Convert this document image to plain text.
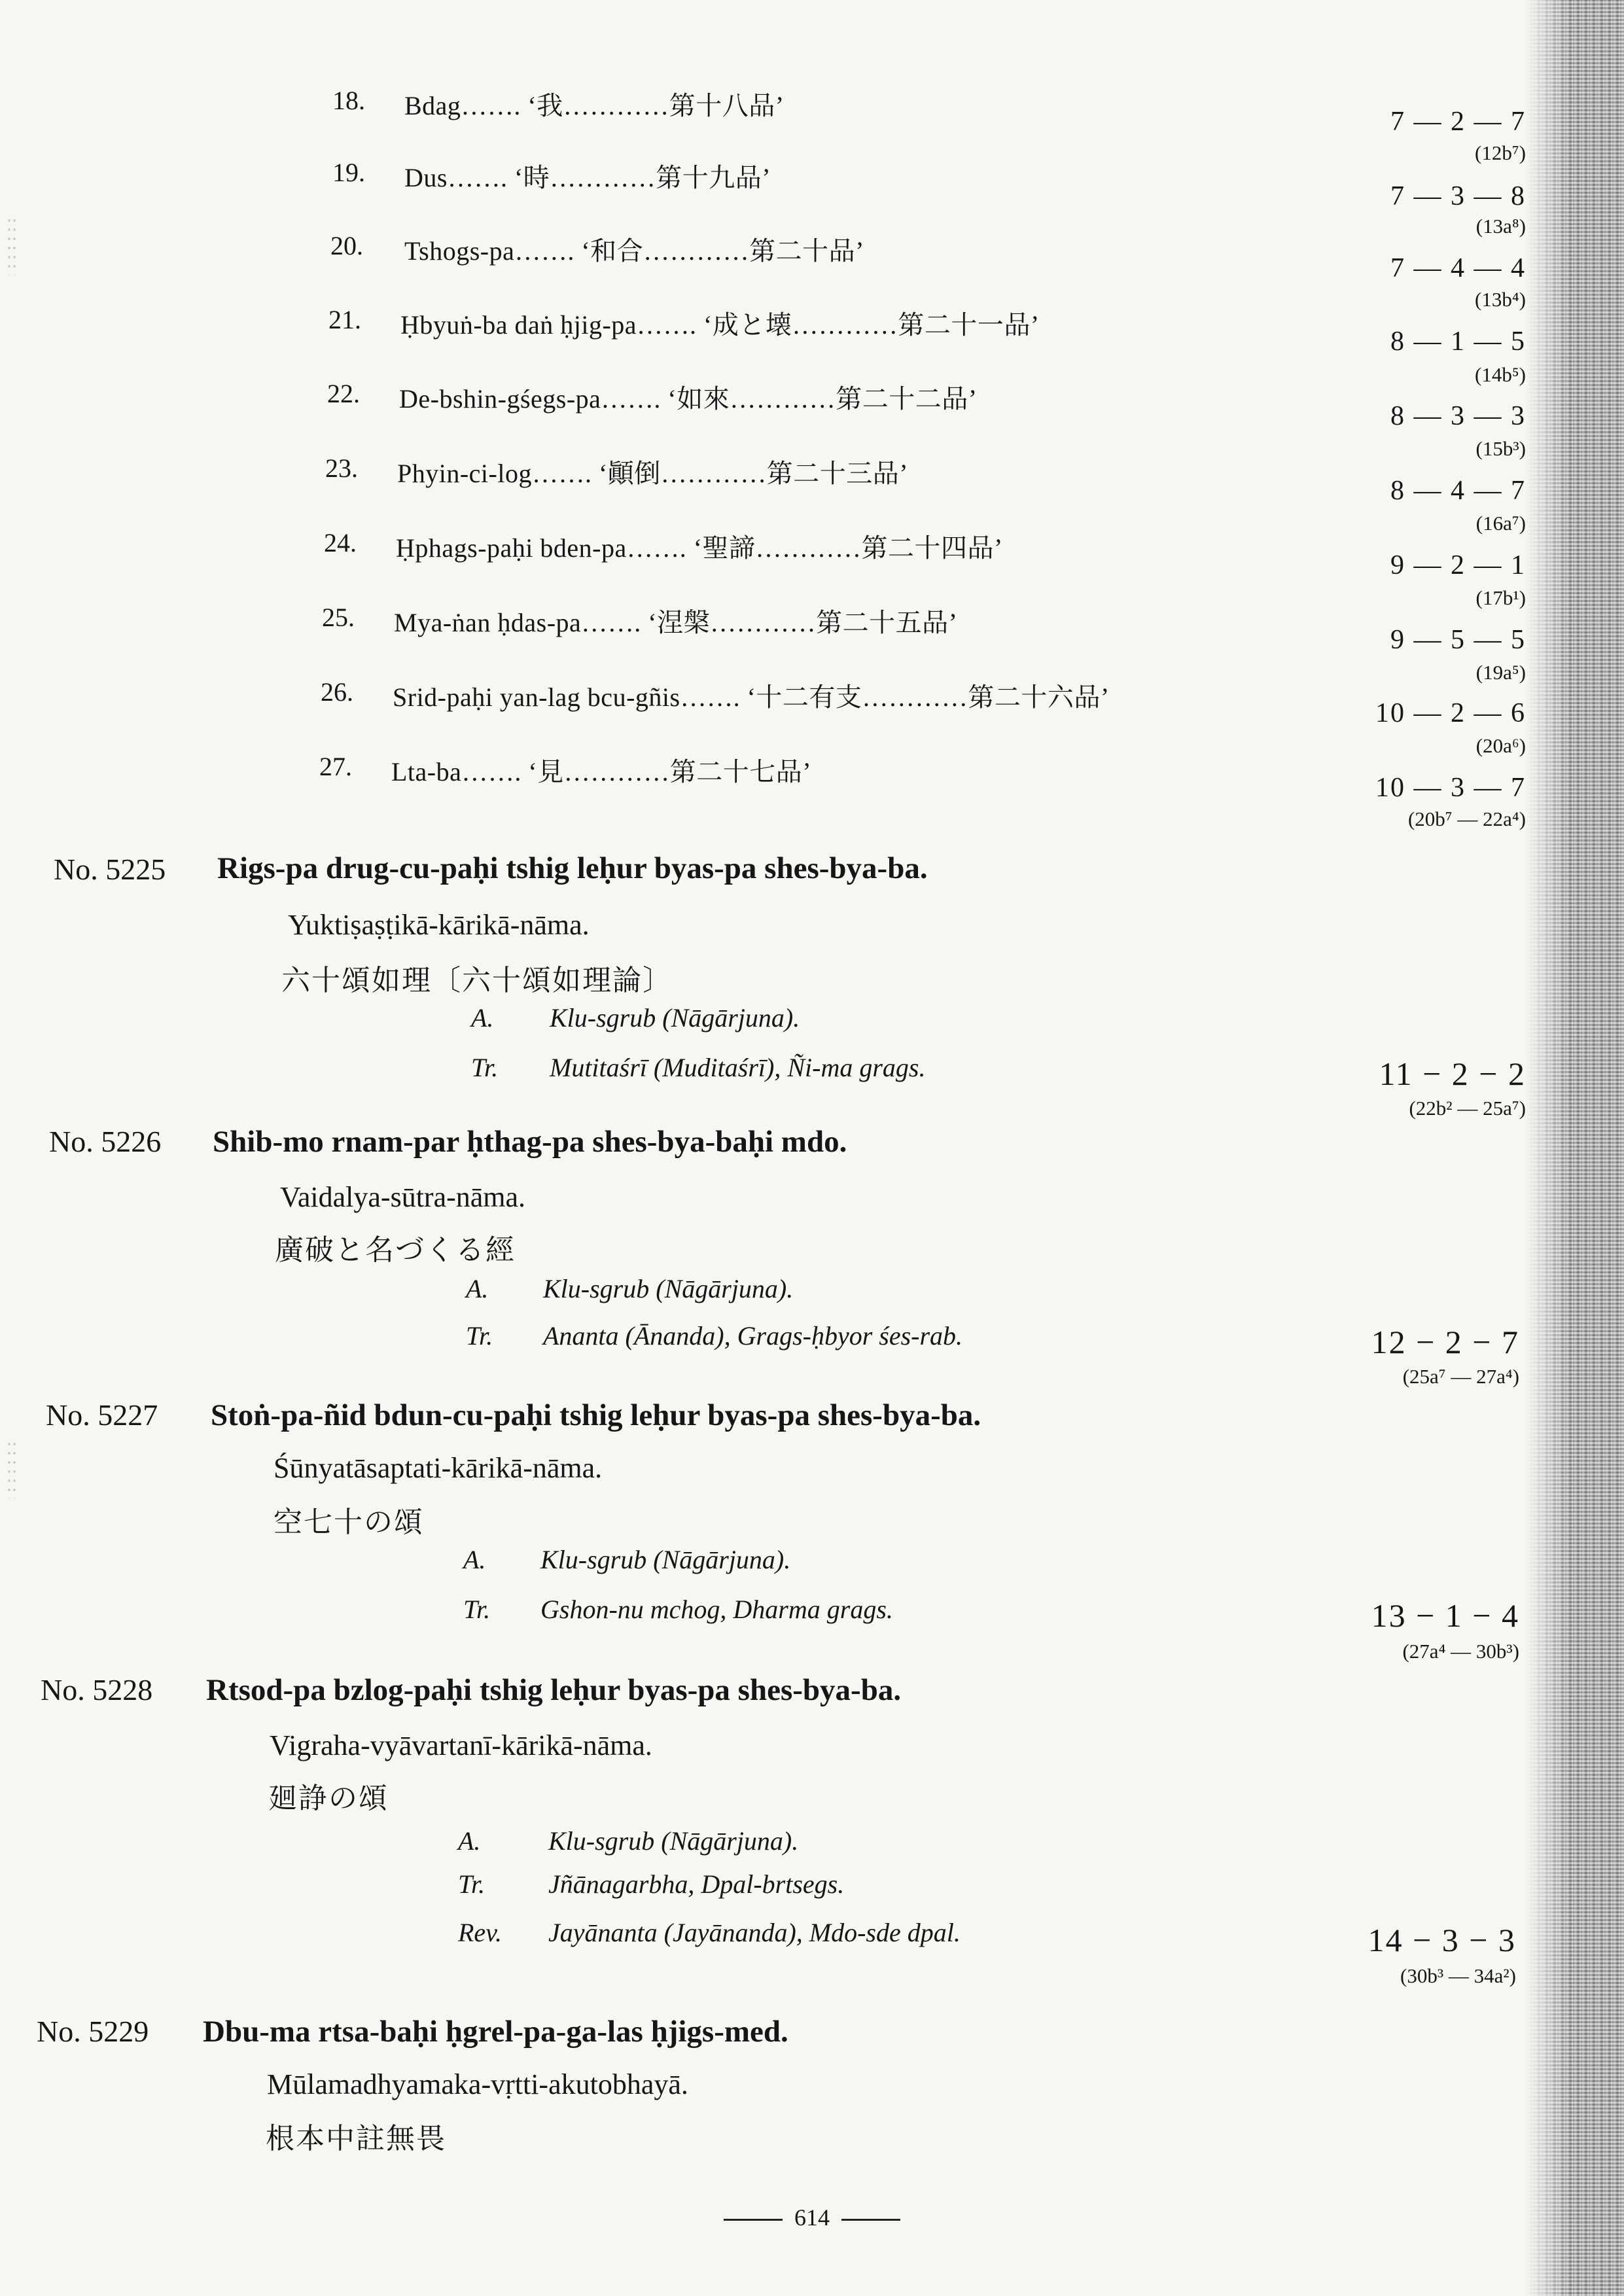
18. Bdag……. ‘我…………第十八品’
7 — 2 — 7
(12b⁷)
19. Dus……. ‘時…………第十九品’
7 — 3 — 8
(13a⁸)
20. Tshogs-pa……. ‘和合…………第二十品’
7 — 4 — 4
(13b⁴)
21. Ḥbyuṅ-ba daṅ ḥjig-pa……. ‘成と壊…………第二十一品’
8 — 1 — 5
(14b⁵)
22. De-bshin-gśegs-pa……. ‘如來…………第二十二品’
8 — 3 — 3
(15b³)
23. Phyin-ci-log……. ‘顚倒…………第二十三品’
8 — 4 — 7
(16a⁷)
24. Ḥphags-paḥi bden-pa……. ‘聖諦…………第二十四品’
9 — 2 — 1
(17b¹)
25. Mya-ṅan ḥdas-pa……. ‘涅槃…………第二十五品’
9 — 5 — 5
(19a⁵)
26. Srid-paḥi yan-lag bcu-gñis……. ‘十二有支…………第二十六品’
10 — 2 — 6
(20a⁶)
27. Lta-ba……. ‘見…………第二十七品’
10 — 3 — 7
(20b⁷ — 22a⁴)
No. 5225 Rigs-pa drug-cu-paḥi tshig leḥur byas-pa shes-bya-ba.
Yuktiṣaṣṭikā-kārikā-nāma.
六十頌如理〔六十頌如理論〕
A. Klu-sgrub (Nāgārjuna).
Tr. Mutitaśrī (Muditaśrī), Ñi-ma grags.	11 − 2 − 2
(22b² — 25a⁷)
No. 5226 Shib-mo rnam-par ḥthag-pa shes-bya-baḥi mdo.
Vaidalya-sūtra-nāma.
廣破と名づくる經
A. Klu-sgrub (Nāgārjuna).
Tr. Ananta (Ānanda), Grags-ḥbyor śes-rab.	12 − 2 − 7
(25a⁷ — 27a⁴)
No. 5227 Stoṅ-pa-ñid bdun-cu-paḥi tshig leḥur byas-pa shes-bya-ba.
Śūnyatāsaptati-kārikā-nāma.
空七十の頌
A. Klu-sgrub (Nāgārjuna).
Tr. Gshon-nu mchog, Dharma grags.	13 − 1 − 4
(27a⁴ — 30b³)
No. 5228 Rtsod-pa bzlog-paḥi tshig leḥur byas-pa shes-bya-ba.
Vigraha-vyāvartanī-kārikā-nāma.
廻諍の頌
A.	Klu-sgrub (Nāgārjuna).
Tr. Jñānagarbha, Dpal-brtsegs.
Rev. Jayānanta (Jayānanda), Mdo-sde dpal.	14 − 3 − 3
(30b³ — 34a²)
No. 5229 Dbu-ma rtsa-baḥi ḥgrel-pa-ga-las ḥjigs-med.
Mūlamadhyamaka-vṛtti-akutobhayā.
根本中註無畏
614
